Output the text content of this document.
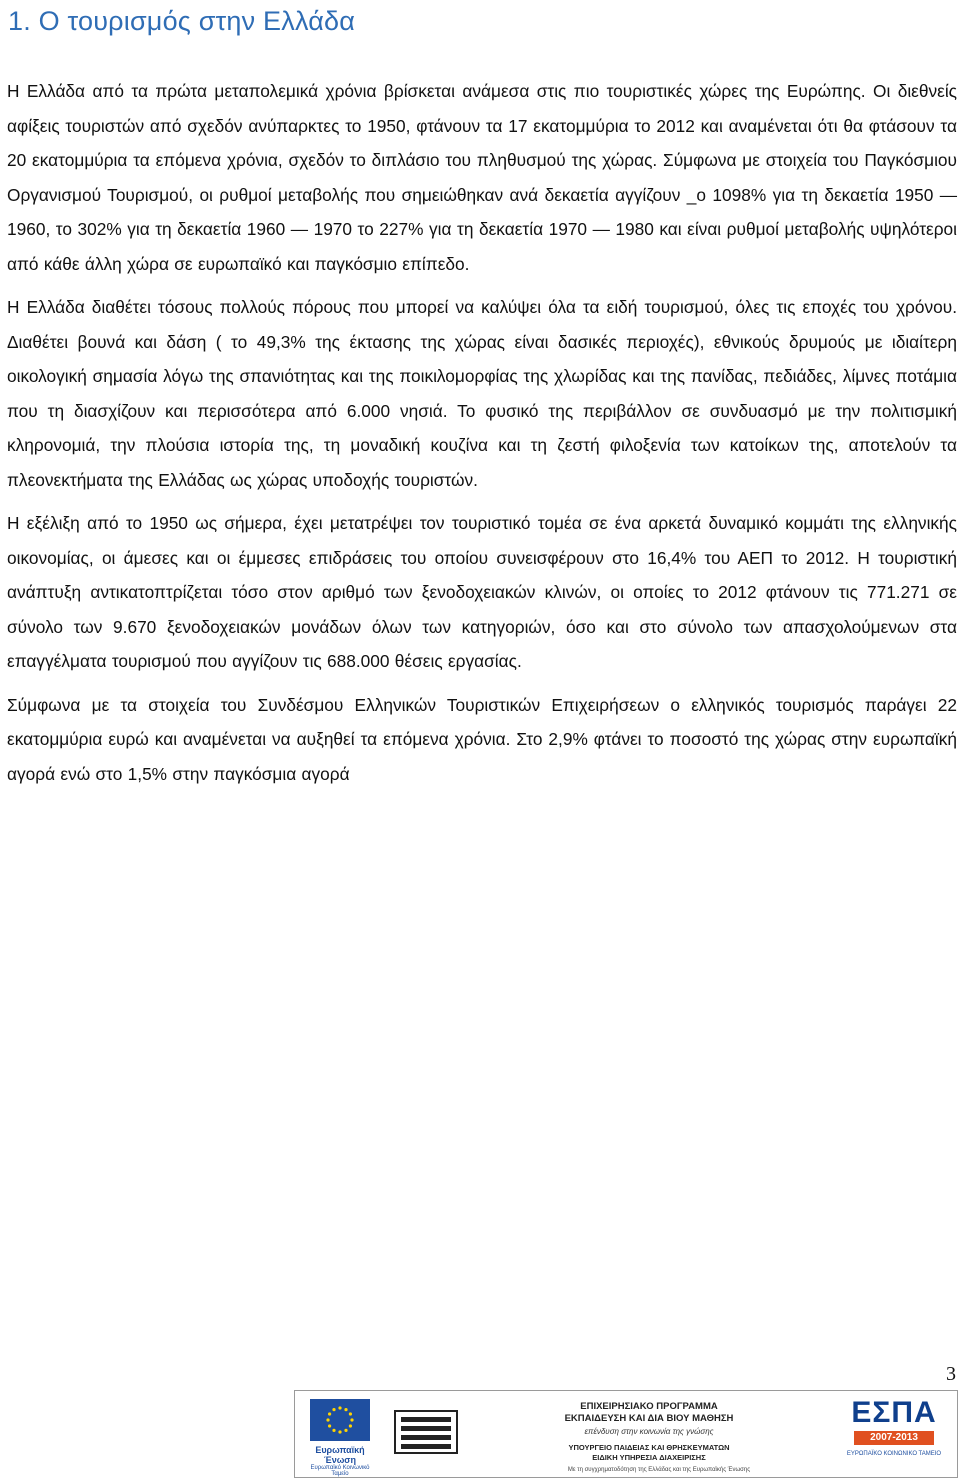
1. Ο τουρισμός στην Ελλάδα

Η Ελλάδα από τα πρώτα μεταπολεμικά χρόνια βρίσκεται ανάμεσα στις πιο τουριστικές χώρες της Ευρώπης. Οι διεθνείς αφίξεις τουριστών από σχεδόν ανύπαρκτες το 1950, φτάνουν τα 17 εκατομμύρια το 2012 και αναμένεται ότι θα φτάσουν τα 20 εκατομμύρια τα επόμενα χρόνια, σχεδόν το διπλάσιο του πληθυσμού της χώρας. Σύμφωνα με στοιχεία του Παγκόσμιου Οργανισμού Τουρισμού, οι ρυθμοί μεταβολής που σημειώθηκαν ανά δεκαετία αγγίζουν _ο 1098% για τη δεκαετία 1950 — 1960, το 302% για τη δεκαετία 1960 — 1970 το 227% για τη δεκαετία 1970 — 1980 και είναι ρυθμοί μεταβολής υψηλότεροι από κάθε άλλη χώρα σε ευρωπαϊκό και παγκόσμιο επίπεδο.

Η Ελλάδα διαθέτει τόσους πολλούς πόρους που μπορεί να καλύψει όλα τα ειδή τουρισμού, όλες τις εποχές του χρόνου. Διαθέτει βουνά και δάση ( το 49,3% της έκτασης της χώρας είναι δασικές περιοχές), εθνικούς δρυμούς με ιδιαίτερη οικολογική σημασία λόγω της σπανιότητας και της ποικιλομορφίας της χλωρίδας και της πανίδας, πεδιάδες, λίμνες ποτάμια που τη διασχίζουν και περισσότερα από 6.000 νησιά. Το φυσικό της περιβάλλον σε συνδυασμό με την πολιτισμική κληρονομιά, την πλούσια ιστορία της, τη μοναδική κουζίνα και τη ζεστή φιλοξενία των κατοίκων της, αποτελούν τα πλεονεκτήματα της Ελλάδας ως χώρας υποδοχής τουριστών.

Η εξέλιξη από το 1950 ως σήμερα, έχει μετατρέψει τον τουριστικό τομέα σε ένα αρκετά δυναμικό κομμάτι της ελληνικής οικονομίας, οι άμεσες και οι έμμεσες επιδράσεις του οποίου συνεισφέρουν στο 16,4% του ΑΕΠ το 2012. Η τουριστική ανάπτυξη αντικατοπτρίζεται τόσο στον αριθμό των ξενοδοχειακών κλινών, οι οποίες το 2012 φτάνουν τις 771.271 σε σύνολο των 9.670 ξενοδοχειακών μονάδων όλων των κατηγοριών, όσο και στο σύνολο των απασχολούμενων στα επαγγέλματα τουρισμού που αγγίζουν τις 688.000 θέσεις εργασίας.

Σύμφωνα με τα στοιχεία του Συνδέσμου Ελληνικών Τουριστικών Επιχειρήσεων ο ελληνικός τουρισμός παράγει 22 εκατομμύρια ευρώ και αναμένεται να αυξηθεί τα επόμενα χρόνια. Στο 2,9% φτάνει το ποσοστό της χώρας στην ευρωπαϊκή αγορά ενώ στο 1,5% στην παγκόσμια αγορά

3
Ευρωπαϊκή Ένωση
Ευρωπαϊκό Κοινωνικό Ταμείο
ΕΠΙΧΕΙΡΗΣΙΑΚΟ ΠΡΟΓΡΑΜΜΑ
ΕΚΠΑΙΔΕΥΣΗ ΚΑΙ ΔΙΑ ΒΙΟΥ ΜΑΘΗΣΗ
επένδυση στην κοινωνία της γνώσης
ΥΠΟΥΡΓΕΙΟ ΠΑΙΔΕΙΑΣ ΚΑΙ ΘΡΗΣΚΕΥΜΑΤΩΝ
ΕΙΔΙΚΗ ΥΠΗΡΕΣΙΑ ΔΙΑΧΕΙΡΙΣΗΣ
Με τη συγχρηματοδότηση της Ελλάδας και της Ευρωπαϊκής Ένωσης
ΕΣΠΑ
2007-2013
ΕΥΡΩΠΑΪΚΟ ΚΟΙΝΩΝΙΚΟ ΤΑΜΕΙΟ
